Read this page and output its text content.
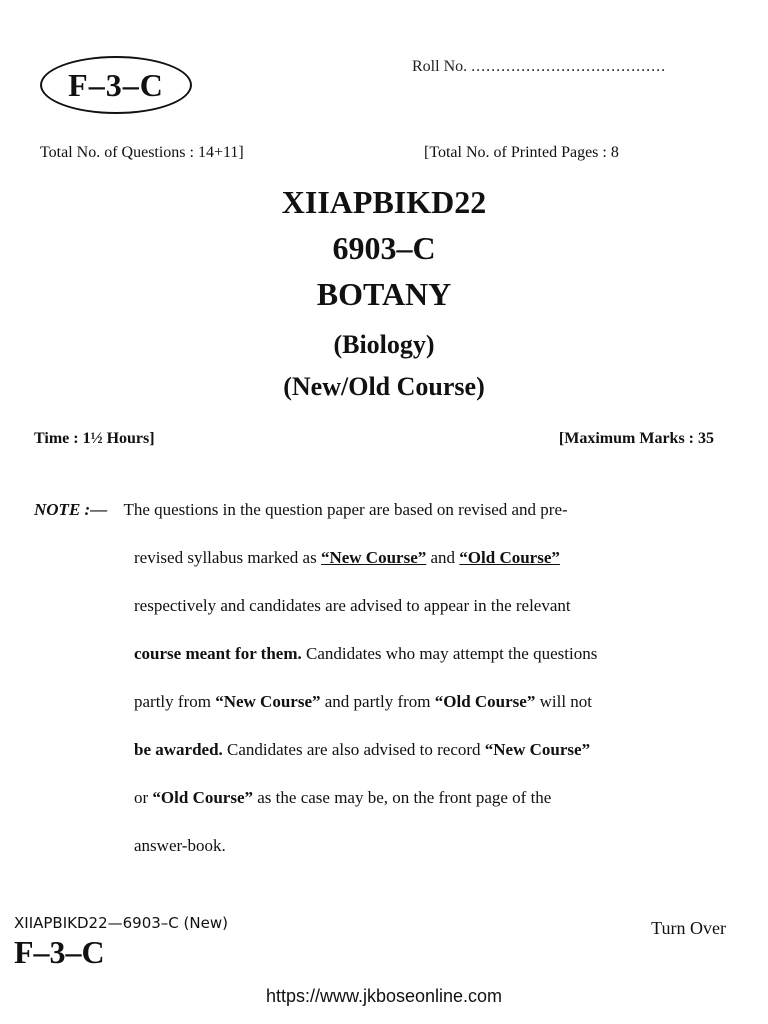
F–3–C	Roll No. .......................................
Total No. of Questions : 14+11]	[Total No. of Printed Pages : 8
XIIAPBIKD22
6903–C
BOTANY
(Biology)
(New/Old Course)
Time : 1½ Hours]	[Maximum Marks : 35
NOTE :— The questions in the question paper are based on revised and pre-
revised syllabus marked as “New Course” and “Old Course”
respectively and candidates are advised to appear in the relevant
course meant for them. Candidates who may attempt the questions
partly from “New Course” and partly from “Old Course” will not
be awarded. Candidates are also advised to record “New Course”
or “Old Course” as the case may be, on the front page of the
answer-book.
XIIAPBIKD22—6903–C (New)
F–3–C
Turn Over
https://www.jkboseonline.com
